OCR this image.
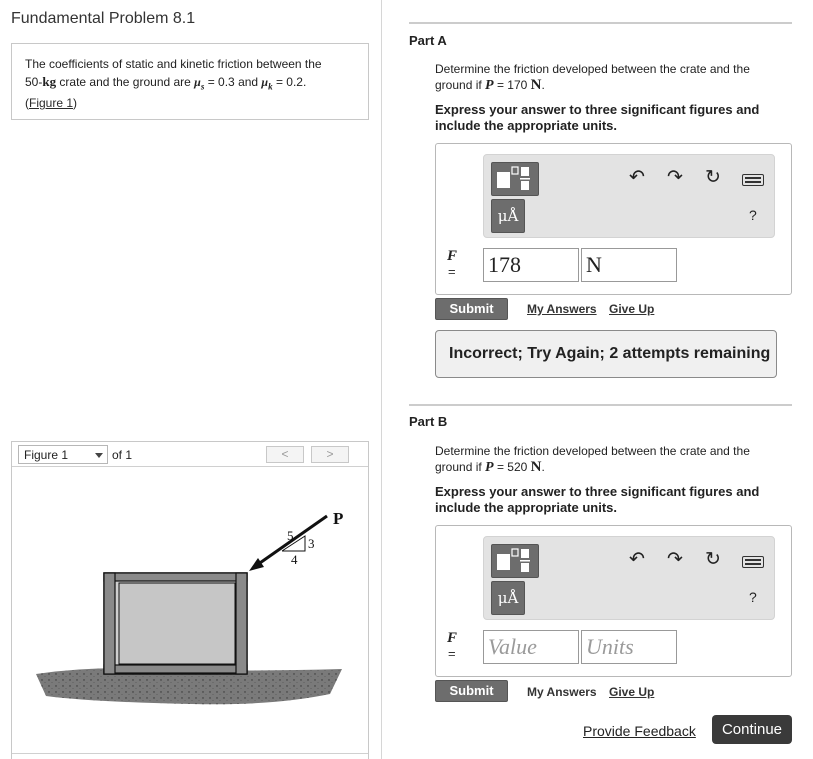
Fundamental Problem 8.1
The coefficients of static and kinetic friction between the
50-kg crate and the ground are $\mu_s = 0.3$ and $\mu_k = 0.2$.
(Figure 1)
Figure 1	of 1	<	>
P
5
3
4
Part A
Determine the friction developed between the crate and the
ground if P = 170 N.
Express your answer to three significant figures and include the appropriate units.
μÅ
↶ ↷ ↻
?
F
= 178	N
Submit	My Answers Give Up
Incorrect; Try Again; 2 attempts remaining
Part B
Determine the friction developed between the crate and the
ground if P = 520 N.
Express your answer to three significant figures and include the appropriate units.
μÅ
↶ ↷ ↻
?
F
= Value	Units
Submit	My Answers Give Up
Provide Feedback	Continue
